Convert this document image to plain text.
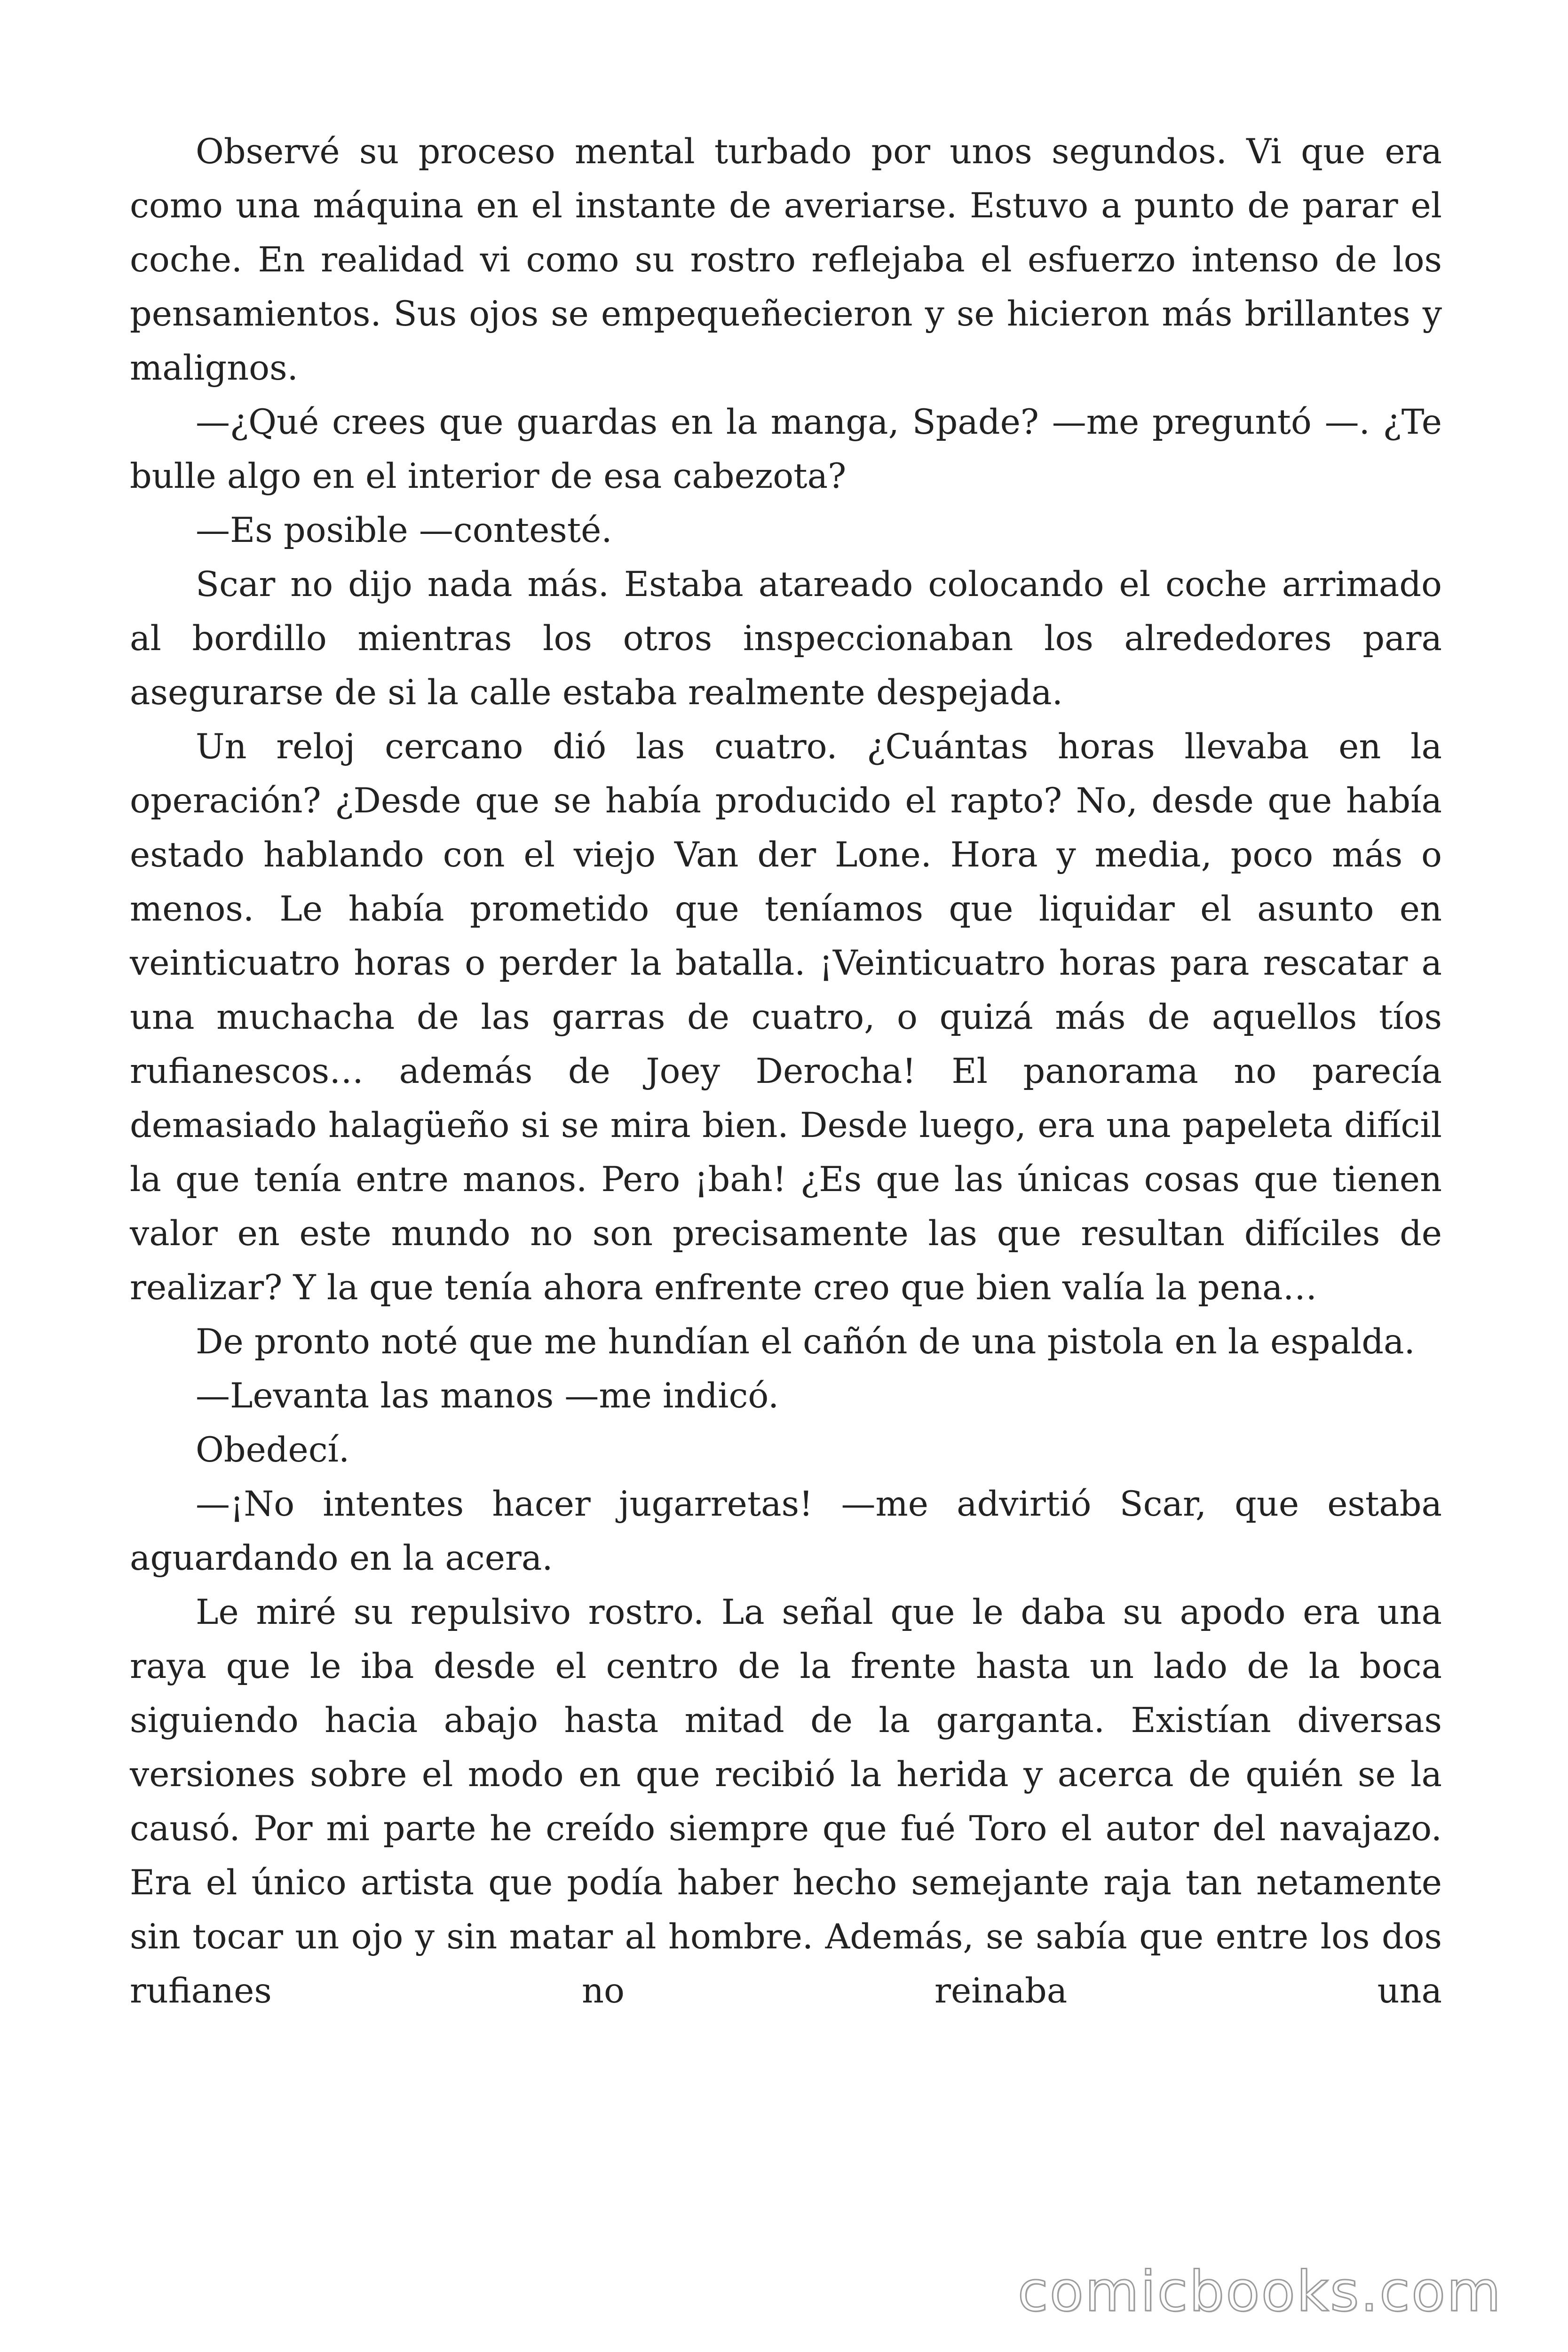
Observé su proceso mental turbado por unos segundos. Vi que era como una máquina en el instante de averiarse. Estuvo a punto de parar el coche. En realidad vi como su rostro reflejaba el esfuerzo intenso de los pensamientos. Sus ojos se empequeñecieron y se hicieron más brillantes y malignos.

—¿Qué crees que guardas en la manga, Spade? —me preguntó —. ¿Te bulle algo en el interior de esa cabezota?

—Es posible —contesté.

Scar no dijo nada más. Estaba atareado colocando el coche arrimado al bordillo mientras los otros inspeccionaban los alrededores para asegurarse de si la calle estaba realmente despejada.

Un reloj cercano dió las cuatro. ¿Cuántas horas llevaba en la operación? ¿Desde que se había producido el rapto? No, desde que había estado hablando con el viejo Van der Lone. Hora y media, poco más o menos. Le había prometido que teníamos que liquidar el asunto en veinticuatro horas o perder la batalla. ¡Veinticuatro horas para rescatar a una muchacha de las garras de cuatro, o quizá más de aquellos tíos rufianescos… además de Joey Derocha! El panorama no parecía demasiado halagüeño si se mira bien. Desde luego, era una papeleta difícil la que tenía entre manos. Pero ¡bah! ¿Es que las únicas cosas que tienen valor en este mundo no son precisamente las que resultan difíciles de realizar? Y la que tenía ahora enfrente creo que bien valía la pena…

De pronto noté que me hundían el cañón de una pistola en la espalda.

—Levanta las manos —me indicó.

Obedecí.

—¡No intentes hacer jugarretas! —me advirtió Scar, que estaba aguardando en la acera.

Le miré su repulsivo rostro. La señal que le daba su apodo era una raya que le iba desde el centro de la frente hasta un lado de la boca siguiendo hacia abajo hasta mitad de la garganta. Existían diversas versiones sobre el modo en que recibió la herida y acerca de quién se la causó. Por mi parte he creído siempre que fué Toro el autor del navajazo. Era el único artista que podía haber hecho semejante raja tan netamente sin tocar un ojo y sin matar al hombre. Además, se sabía que entre los dos rufianes no reinaba una

comicbooks.com
